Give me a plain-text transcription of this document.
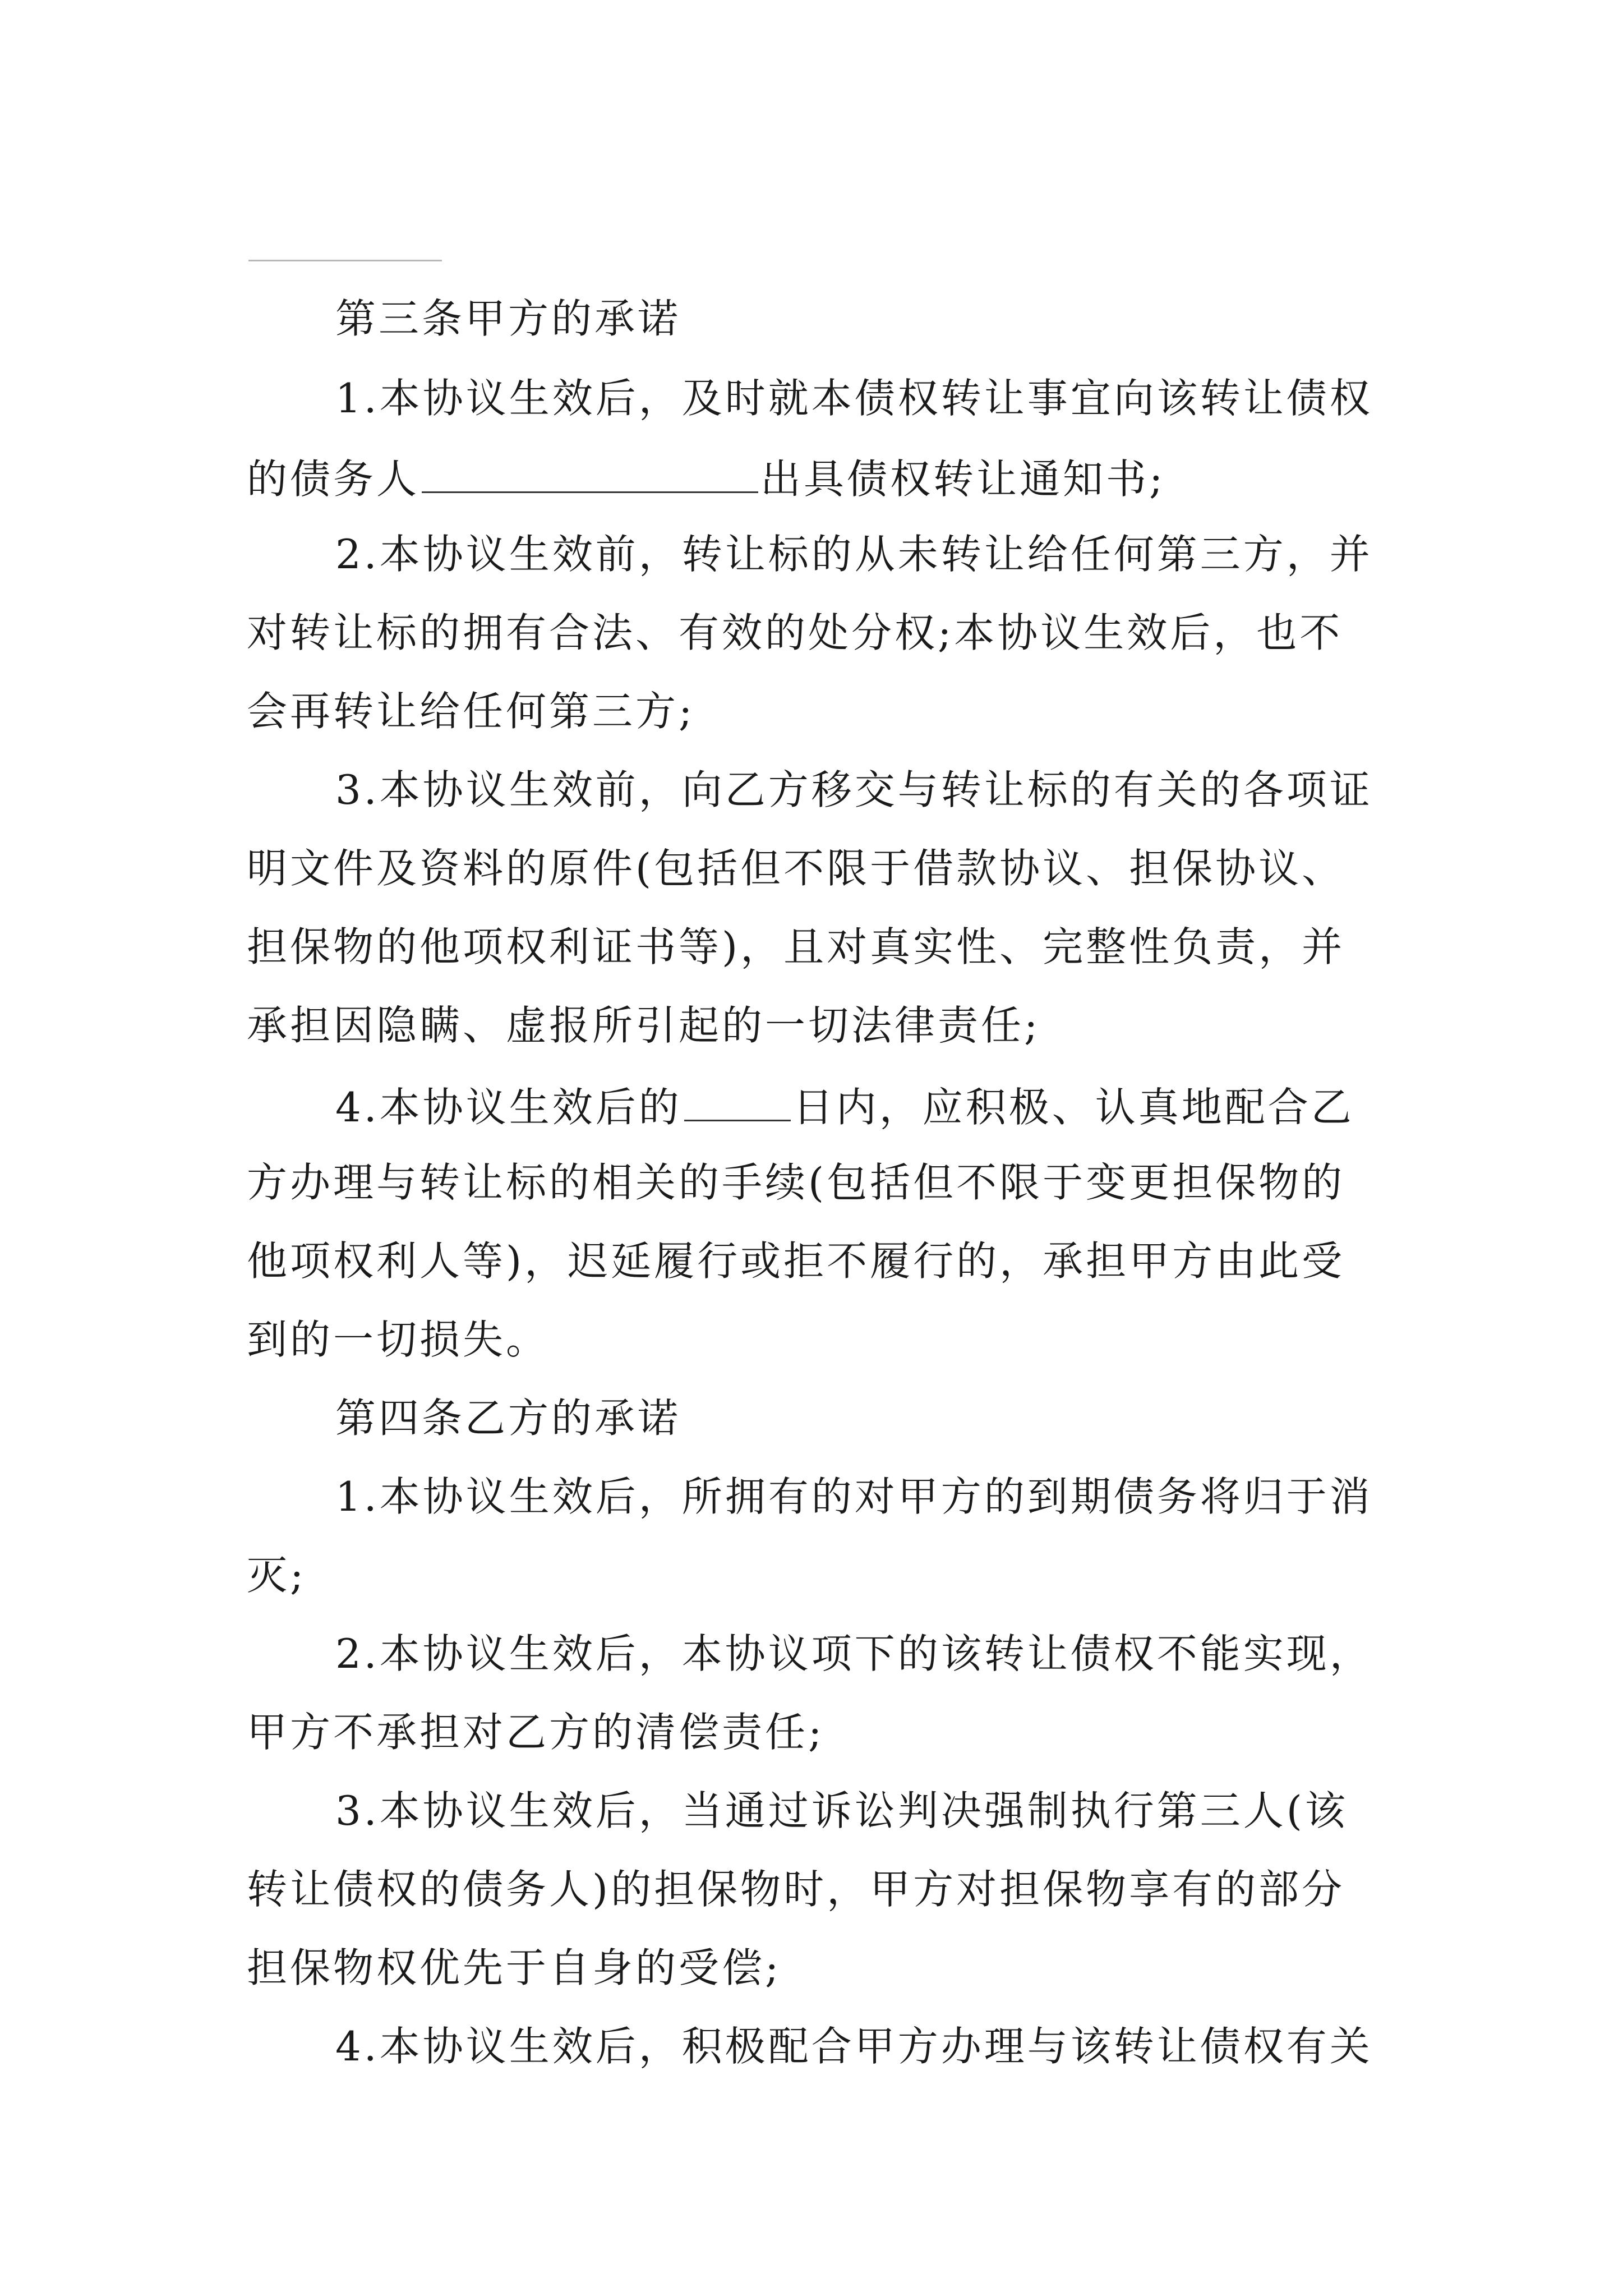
第三条甲方的承诺
1.本协议生效后，及时就本债权转让事宜向该转让债权
的债务人	出具债权转让通知书;
2.本协议生效前，转让标的从未转让给任何第三方，并
对转让标的拥有合法、有效的处分权;本协议生效后，也不
会再转让给任何第三方;
3.本协议生效前，向乙方移交与转让标的有关的各项证
明文件及资料的原件(包括但不限于借款协议、担保协议、
担保物的他项权利证书等)，且对真实性、完整性负责，并
承担因隐瞒、虚报所引起的一切法律责任;
4.本协议生效后的	日内，应积极、认真地配合乙
方办理与转让标的相关的手续(包括但不限于变更担保物的
他项权利人等)，迟延履行或拒不履行的，承担甲方由此受
到的一切损失。
第四条乙方的承诺
1.本协议生效后，所拥有的对甲方的到期债务将归于消
灭;
2.本协议生效后，本协议项下的该转让债权不能实现，
甲方不承担对乙方的清偿责任;
3.本协议生效后，当通过诉讼判决强制执行第三人(该
转让债权的债务人)的担保物时，甲方对担保物享有的部分
担保物权优先于自身的受偿;
4.本协议生效后，积极配合甲方办理与该转让债权有关
